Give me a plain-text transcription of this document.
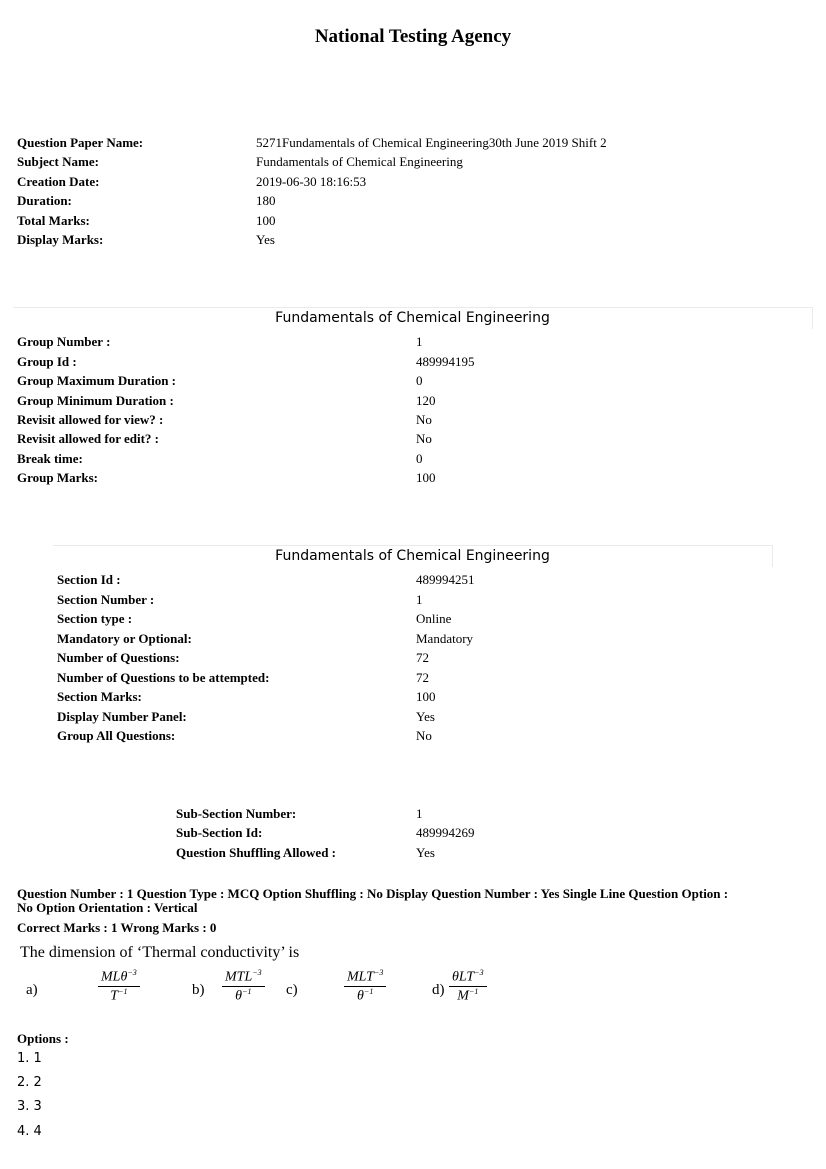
National Testing Agency
Question Paper Name:	5271Fundamentals of Chemical Engineering30th June 2019 Shift 2
Subject Name:	Fundamentals of Chemical Engineering
Creation Date:	2019-06-30 18:16:53
Duration:	180
Total Marks:	100
Display Marks:	Yes
Fundamentals of Chemical Engineering
Group Number :	1
Group Id :	489994195
Group Maximum Duration :	0
Group Minimum Duration :	120
Revisit allowed for view? :	No
Revisit allowed for edit? :	No
Break time:	0
Group Marks:	100
Fundamentals of Chemical Engineering
Section Id :	489994251
Section Number :	1
Section type :	Online
Mandatory or Optional:	Mandatory
Number of Questions:	72
Number of Questions to be attempted:	72
Section Marks:	100
Display Number Panel:	Yes
Group All Questions:	No
Sub-Section Number:	1
Sub-Section Id:	489994269
Question Shuffling Allowed :	Yes
Question Number : 1 Question Type : MCQ Option Shuffling : No Display Question Number : Yes Single Line Question Option :
No Option Orientation : Vertical
Correct Marks : 1 Wrong Marks : 0
The dimension of ‘Thermal conductivity’ is
a)
MLθ$^{-3}$
$T^{-1}$	b)
$MTL^{-3}$
$\theta^{-1}$ c)
$MLT^{-3}$
$\theta^{-1}$	d)
θLT$^{-3}$
$M^{-1}$
Options :
1. 1
2. 2
3. 3
4. 4
